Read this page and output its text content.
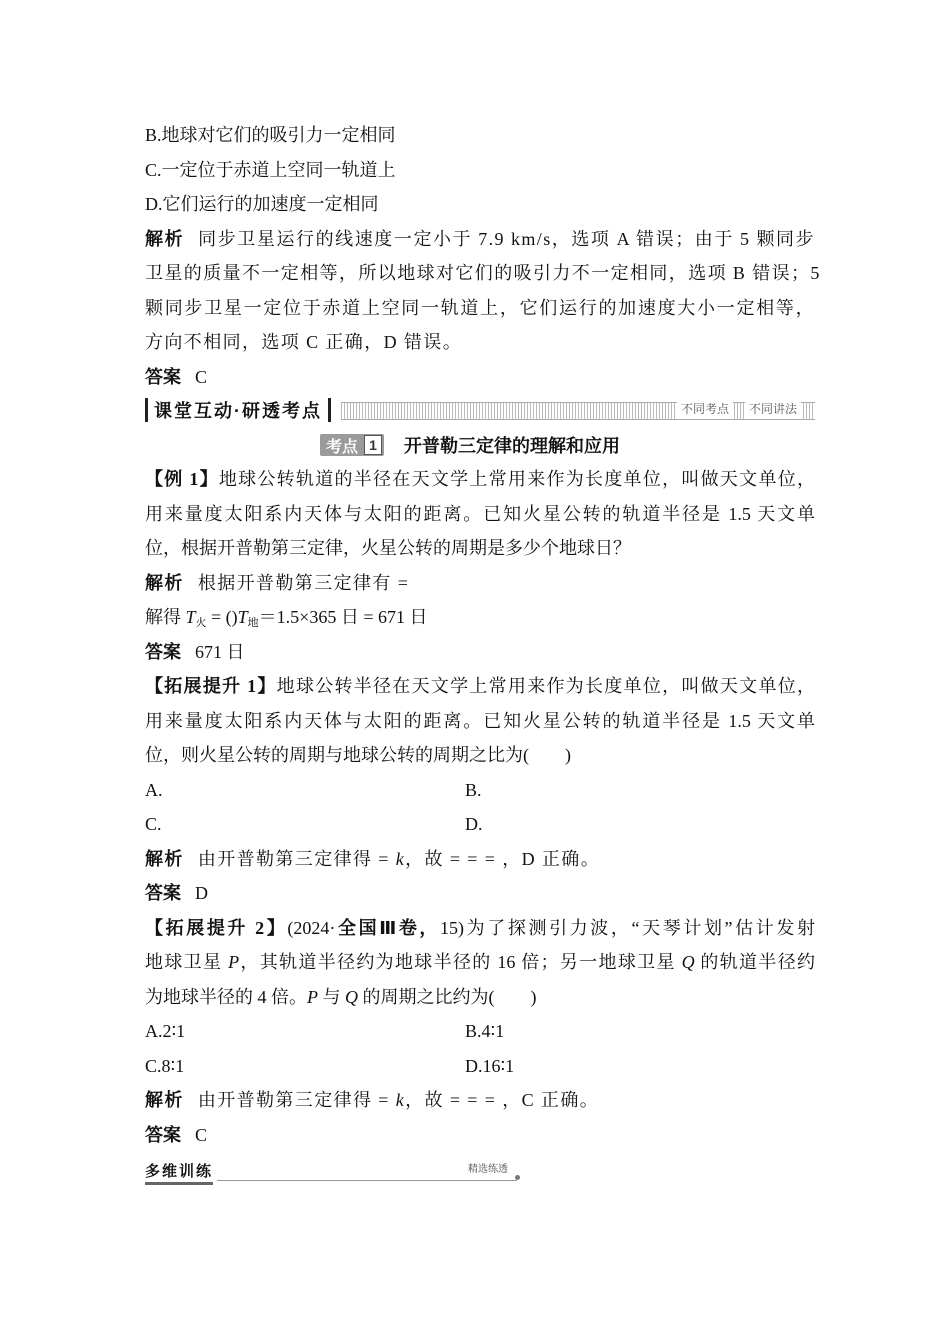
B.地球对它们的吸引力一定相同
C.一定位于赤道上空同一轨道上
D.它们运行的加速度一定相同
解析 同步卫星运行的线速度一定小于 7.9 km/s，选项 A 错误；由于 5 颗同步
卫星的质量不一定相等，所以地球对它们的吸引力不一定相同，选项 B 错误；5
颗同步卫星一定位于赤道上空同一轨道上，它们运行的加速度大小一定相等，
方向不相同，选项 C 正确，D 错误。
答案 C
课堂互动·研透考点	不同考点	不同讲法
考点 1 开普勒三定律的理解和应用
【例 1】地球公转轨道的半径在天文学上常用来作为长度单位，叫做天文单位，
用来量度太阳系内天体与太阳的距离。已知火星公转的轨道半径是 1.5 天文单
位，根据开普勒第三定律，火星公转的周期是多少个地球日？
解析 根据开普勒第三定律有 =
解得 $T_火 = ()T_地=1.5\times 365$ 日 = 671 日
答案 671 日
【拓展提升 1】地球公转半径在天文学上常用来作为长度单位，叫做天文单位，
用来量度太阳系内天体与太阳的距离。已知火星公转的轨道半径是 1.5 天文单
位，则火星公转的周期与地球公转的周期之比为(　　)
A.	B.
C.	D.
解析 由开普勒第三定律得 = k，故 = = = ，D 正确。
答案 D
【拓展提升 2】(2024·全国Ⅲ卷，15)为了探测引力波，“天琴计划”估计发射
地球卫星 P，其轨道半径约为地球半径的 16 倍；另一地球卫星 Q 的轨道半径约
为地球半径的 4 倍。P 与 Q 的周期之比约为(　　)
A.2∶1	B.4∶1
C.8∶1	D.16∶1
解析 由开普勒第三定律得 = k，故 = = = ，C 正确。
答案 C
多维训练	精选练透
